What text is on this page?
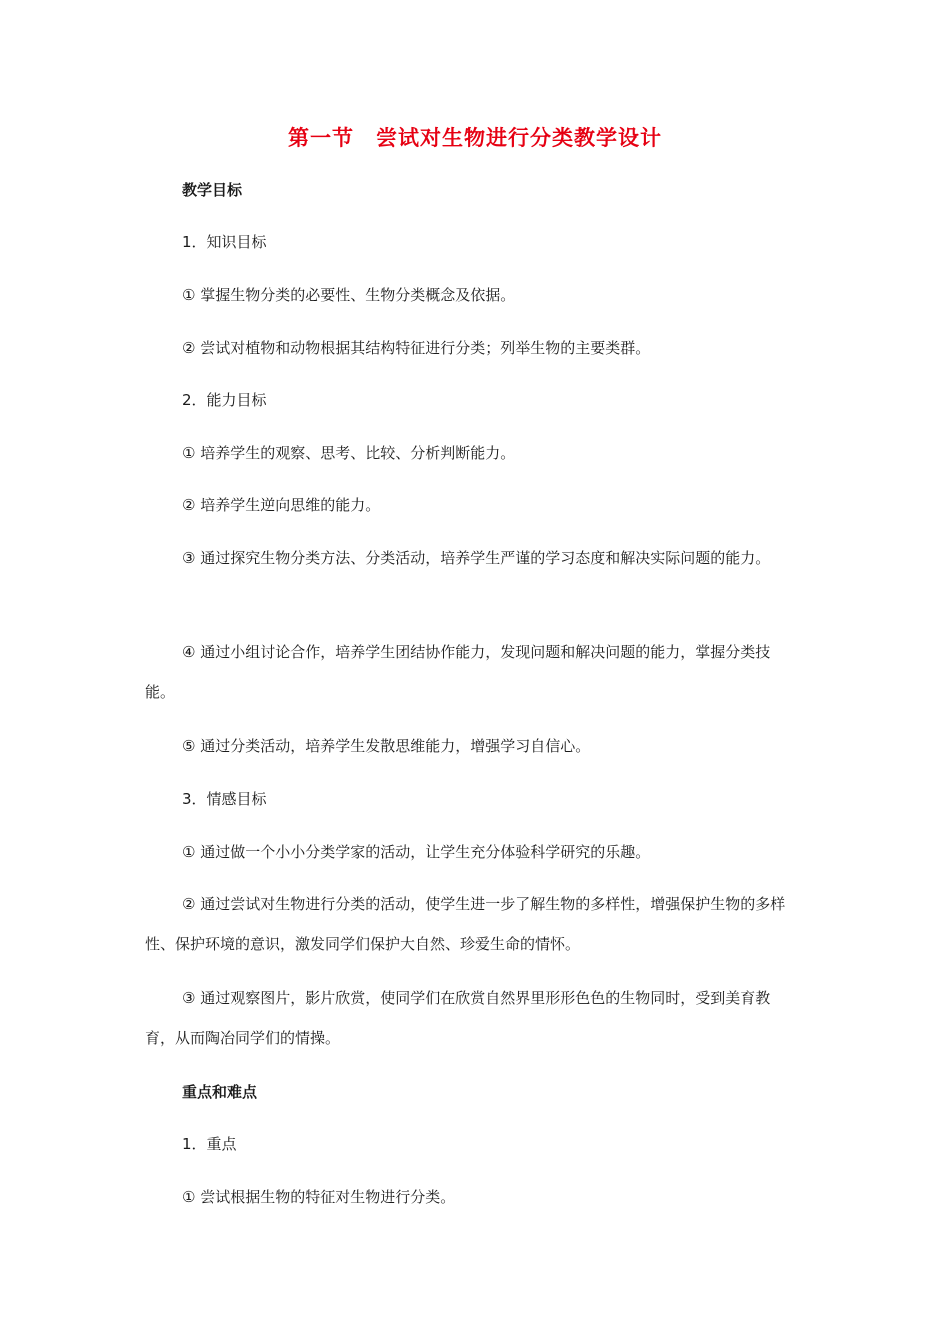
第一节　尝试对生物进行分类教学设计

教学目标

1．知识目标

① 掌握生物分类的必要性、生物分类概念及依据。

② 尝试对植物和动物根据其结构特征进行分类；列举生物的主要类群。

2．能力目标

① 培养学生的观察、思考、比较、分析判断能力。

② 培养学生逆向思维的能力。

③ 通过探究生物分类方法、分类活动，培养学生严谨的学习态度和解决实际问题的能力。

④ 通过小组讨论合作，培养学生团结协作能力，发现问题和解决问题的能力，掌握分类技能。

⑤ 通过分类活动，培养学生发散思维能力，增强学习自信心。

3．情感目标

① 通过做一个小小分类学家的活动，让学生充分体验科学研究的乐趣。

② 通过尝试对生物进行分类的活动，使学生进一步了解生物的多样性，增强保护生物的多样性、保护环境的意识，激发同学们保护大自然、珍爱生命的情怀。

③ 通过观察图片，影片欣赏，使同学们在欣赏自然界里形形色色的生物同时，受到美育教育，从而陶冶同学们的情操。

重点和难点

1．重点

① 尝试根据生物的特征对生物进行分类。
